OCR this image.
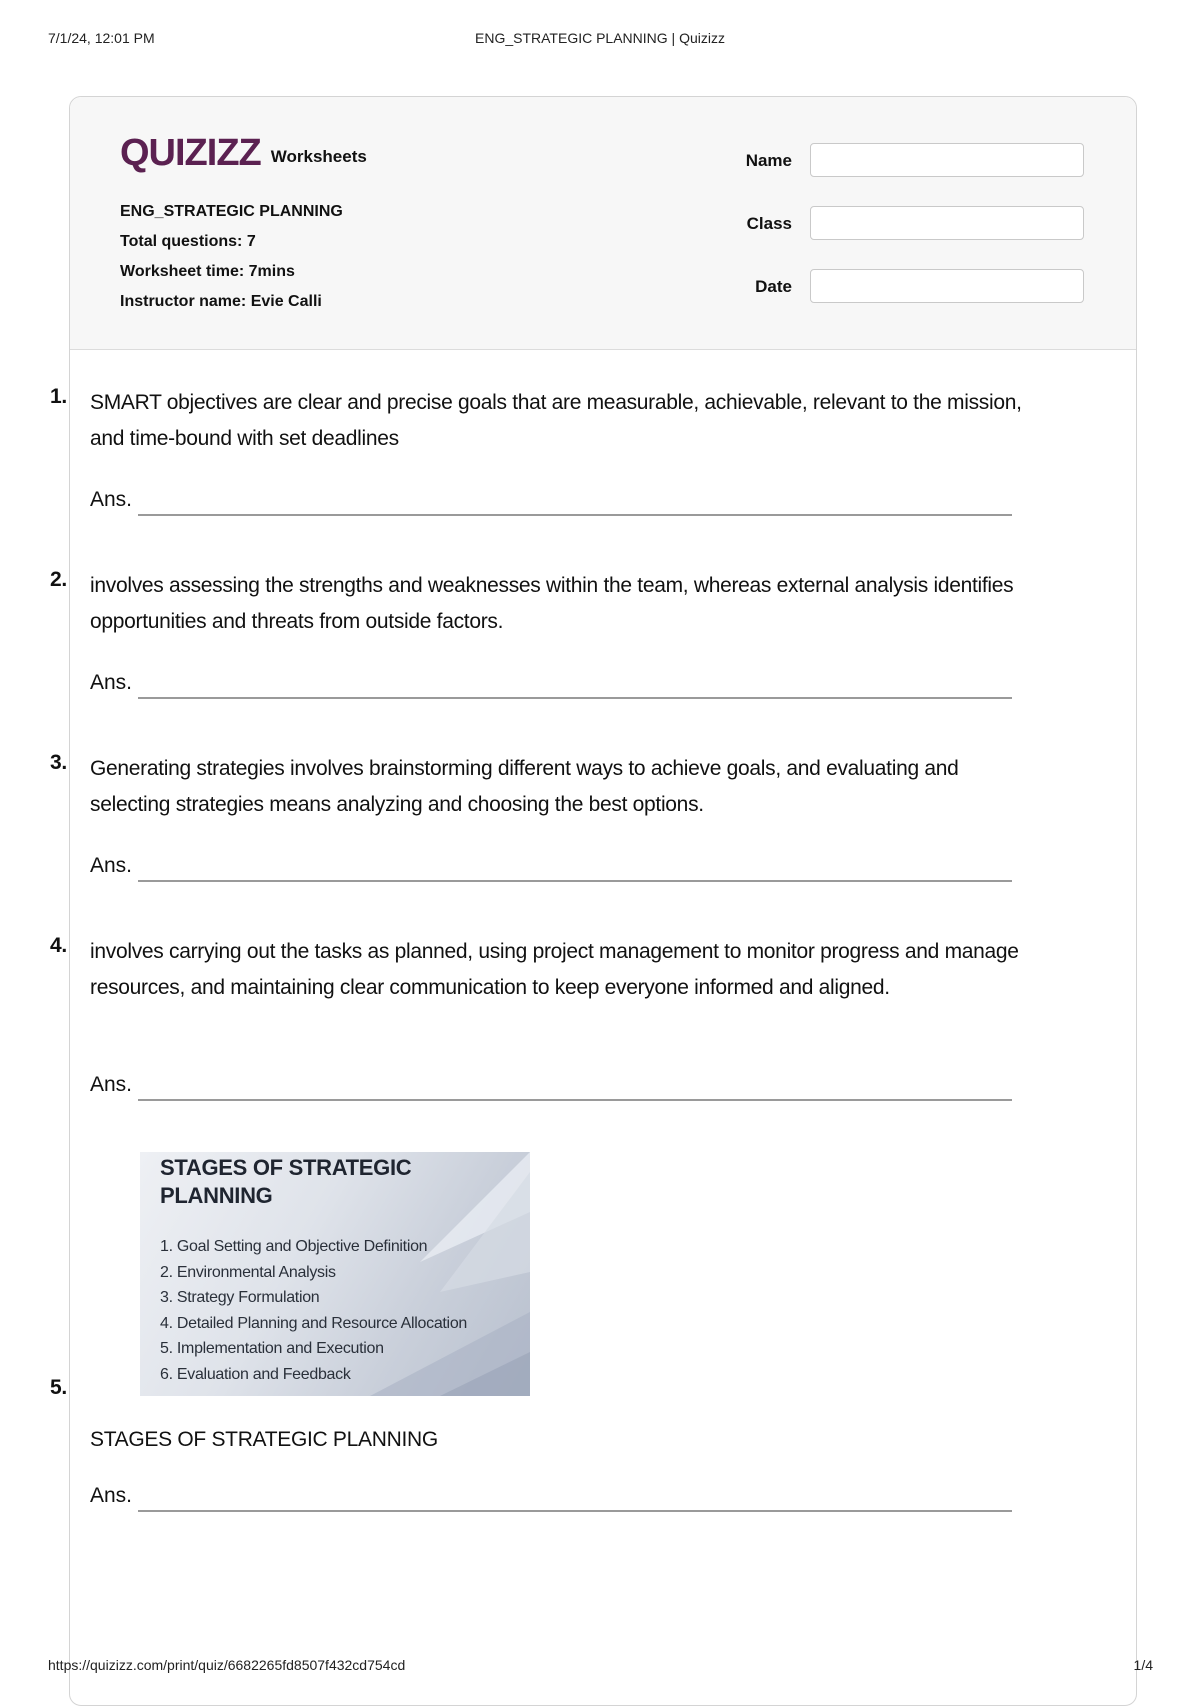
7/1/24, 12:01 PM	ENG_STRATEGIC PLANNING | Quizizz
QUIZIZZ Worksheets
ENG_STRATEGIC PLANNING
Total questions: 7
Worksheet time: 7mins
Instructor name: Evie Calli
Name
Class
Date
1.	SMART objectives are clear and precise goals that are measurable, achievable, relevant to the mission, and time-bound with set deadlines
Ans.
2.	involves assessing the strengths and weaknesses within the team, whereas external analysis identifies opportunities and threats from outside factors.
Ans.
3.	Generating strategies involves brainstorming different ways to achieve goals, and evaluating and selecting strategies means analyzing and choosing the best options.
Ans.
4.	involves carrying out the tasks as planned, using project management to monitor progress and manage resources, and maintaining clear communication to keep everyone informed and aligned.
Ans.
5.
STAGES OF STRATEGIC PLANNING
1. Goal Setting and Objective Definition
2. Environmental Analysis
3. Strategy Formulation
4. Detailed Planning and Resource Allocation
5. Implementation and Execution
6. Evaluation and Feedback
STAGES OF STRATEGIC PLANNING
Ans.
https://quizizz.com/print/quiz/6682265fd8507f432cd754cd	1/4
